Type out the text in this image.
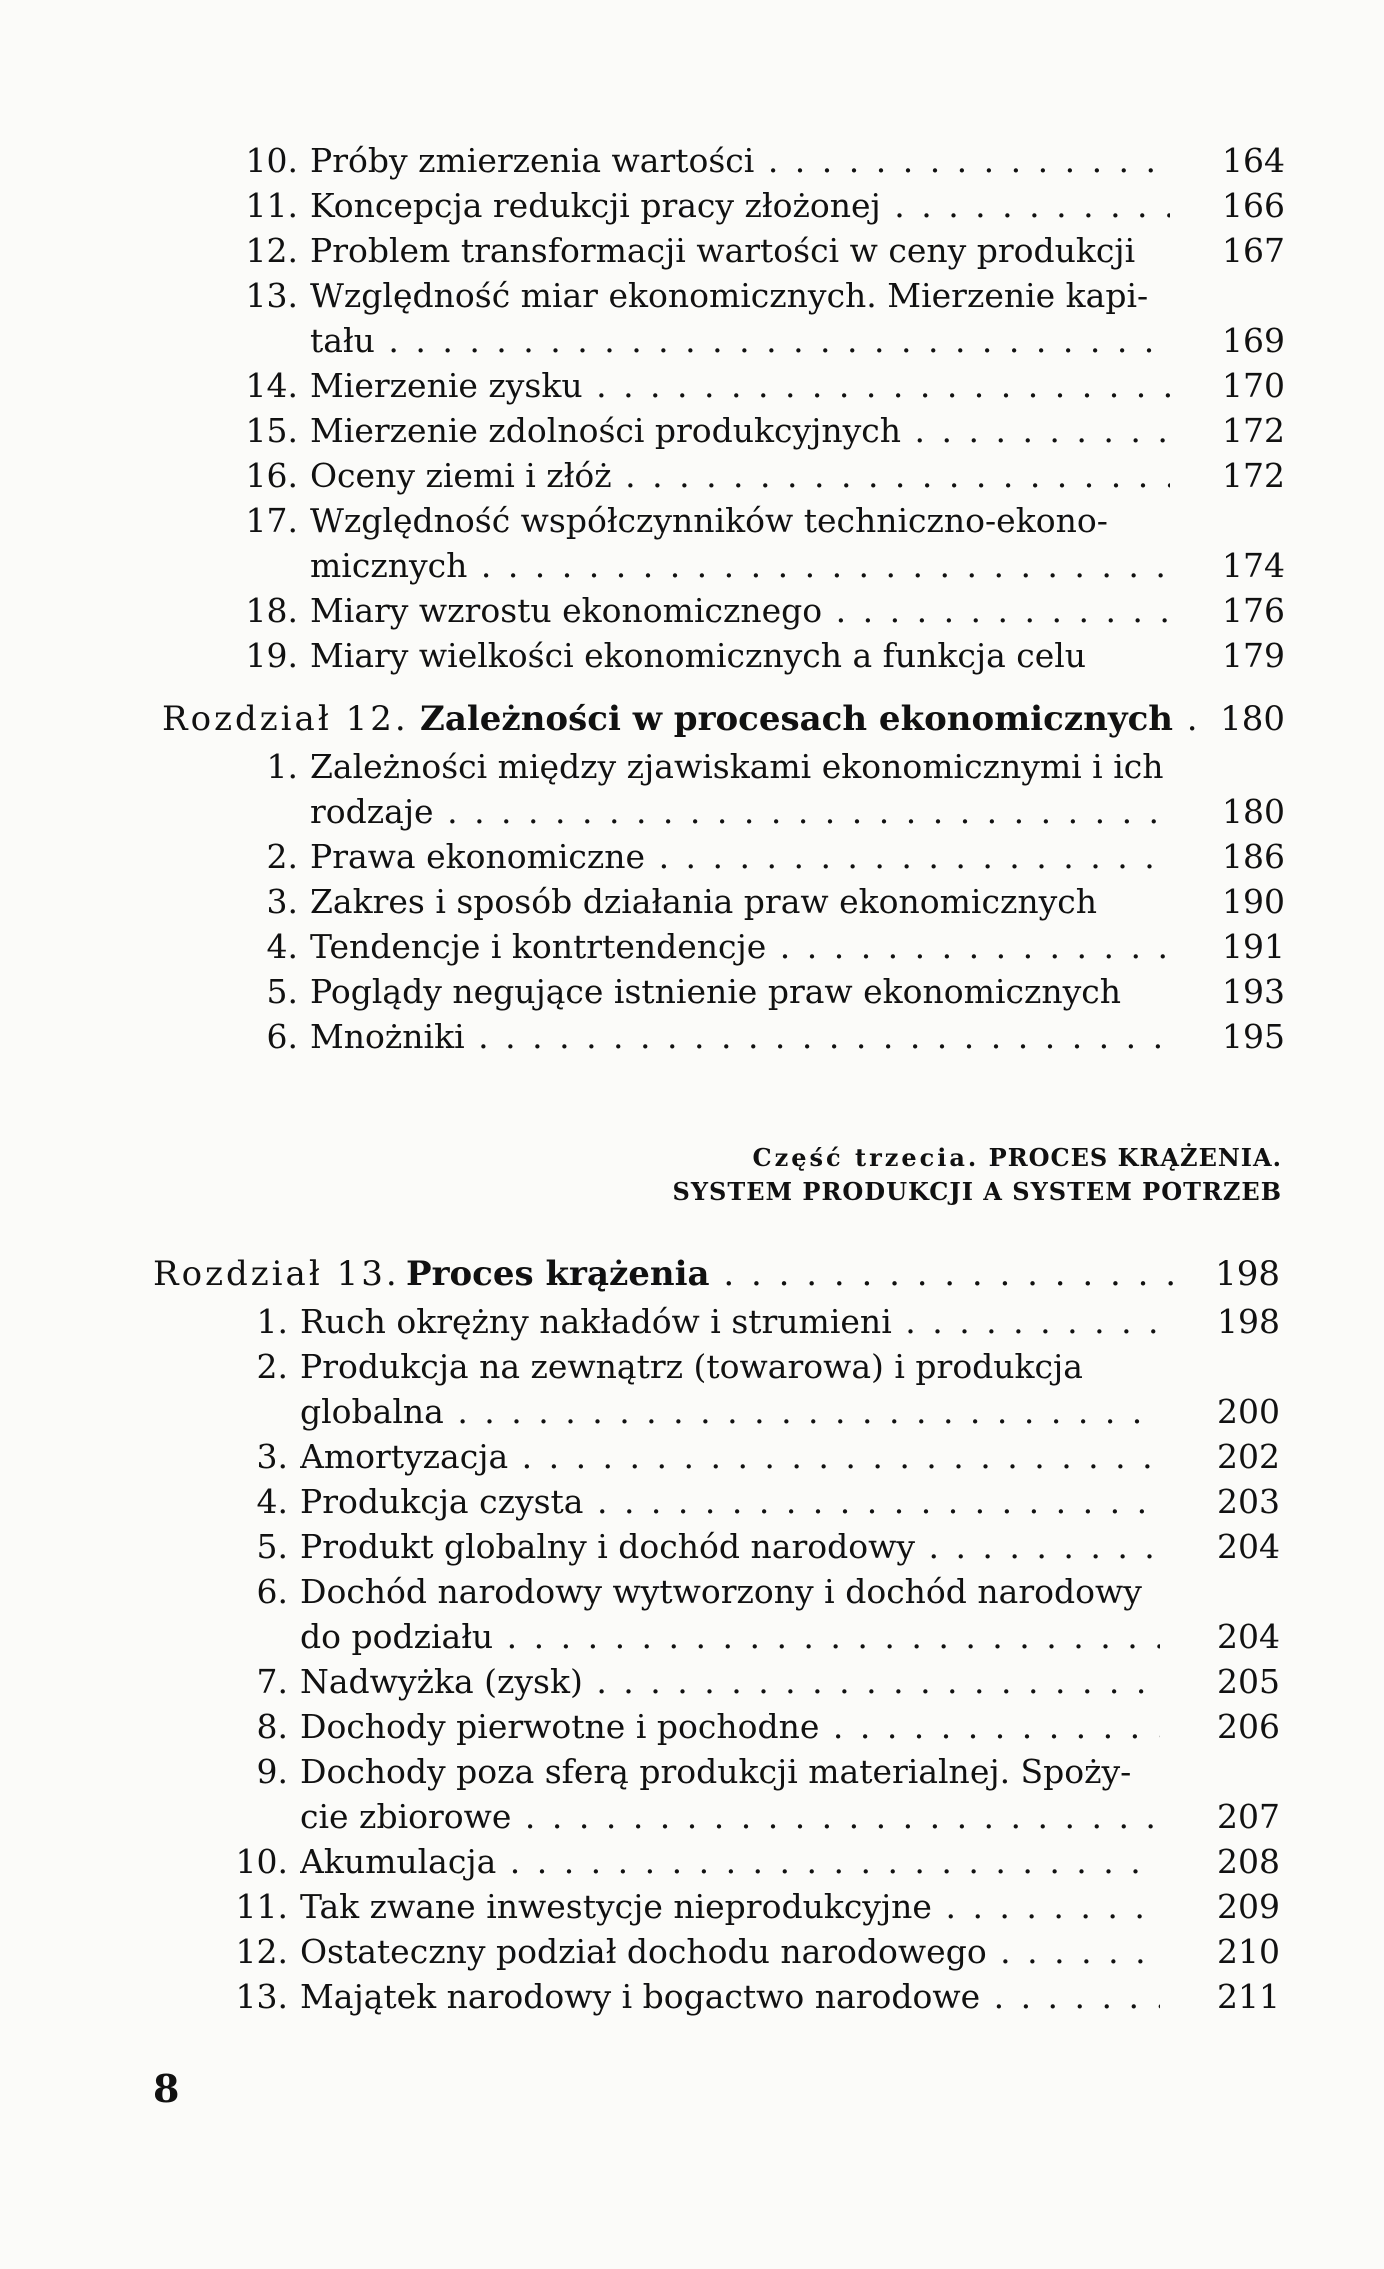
10. Próby zmierzenia wartości . . .	164
11. Koncepcja redukcji pracy złożonej . . .	166
12. Problem transformacji wartości w ceny produkcji	167
13. Względność miar ekonomicznych. Mierzenie kapi-
tału . . .	169
14. Mierzenie zysku . . .	170
15. Mierzenie zdolności produkcyjnych . . .	172
16. Oceny ziemi i złóż . . .	172
17. Względność współczynników techniczno-ekono-
micznych . . .	174
18. Miary wzrostu ekonomicznego . . .	176
19. Miary wielkości ekonomicznych a funkcja celu	179
Rozdział 12. Zależności w procesach ekonomicznych . . .	180
1. Zależności między zjawiskami ekonomicznymi i ich
rodzaje . . .	180
2. Prawa ekonomiczne . . .	186
3. Zakres i sposób działania praw ekonomicznych	190
4. Tendencje i kontrtendencje . . .	191
5. Poglądy negujące istnienie praw ekonomicznych	193
6. Mnożniki . . .	195
Część trzecia. PROCES KRĄŻENIA.
SYSTEM PRODUKCJI A SYSTEM POTRZEB
Rozdział 13. Proces krążenia . . .	198
1. Ruch okrężny nakładów i strumieni . . .	198
2. Produkcja na zewnątrz (towarowa) i produkcja
globalna . . .	200
3. Amortyzacja . . .	202
4. Produkcja czysta . . .	203
5. Produkt globalny i dochód narodowy . . .	204
6. Dochód narodowy wytworzony i dochód narodowy
do podziału . . .	204
7. Nadwyżka (zysk) . . .	205
8. Dochody pierwotne i pochodne . . .	206
9. Dochody poza sferą produkcji materialnej. Spoży-
cie zbiorowe . . .	207
10. Akumulacja . . .	208
11. Tak zwane inwestycje nieprodukcyjne . . .	209
12. Ostateczny podział dochodu narodowego . . .	210
13. Majątek narodowy i bogactwo narodowe . . .	211
8
